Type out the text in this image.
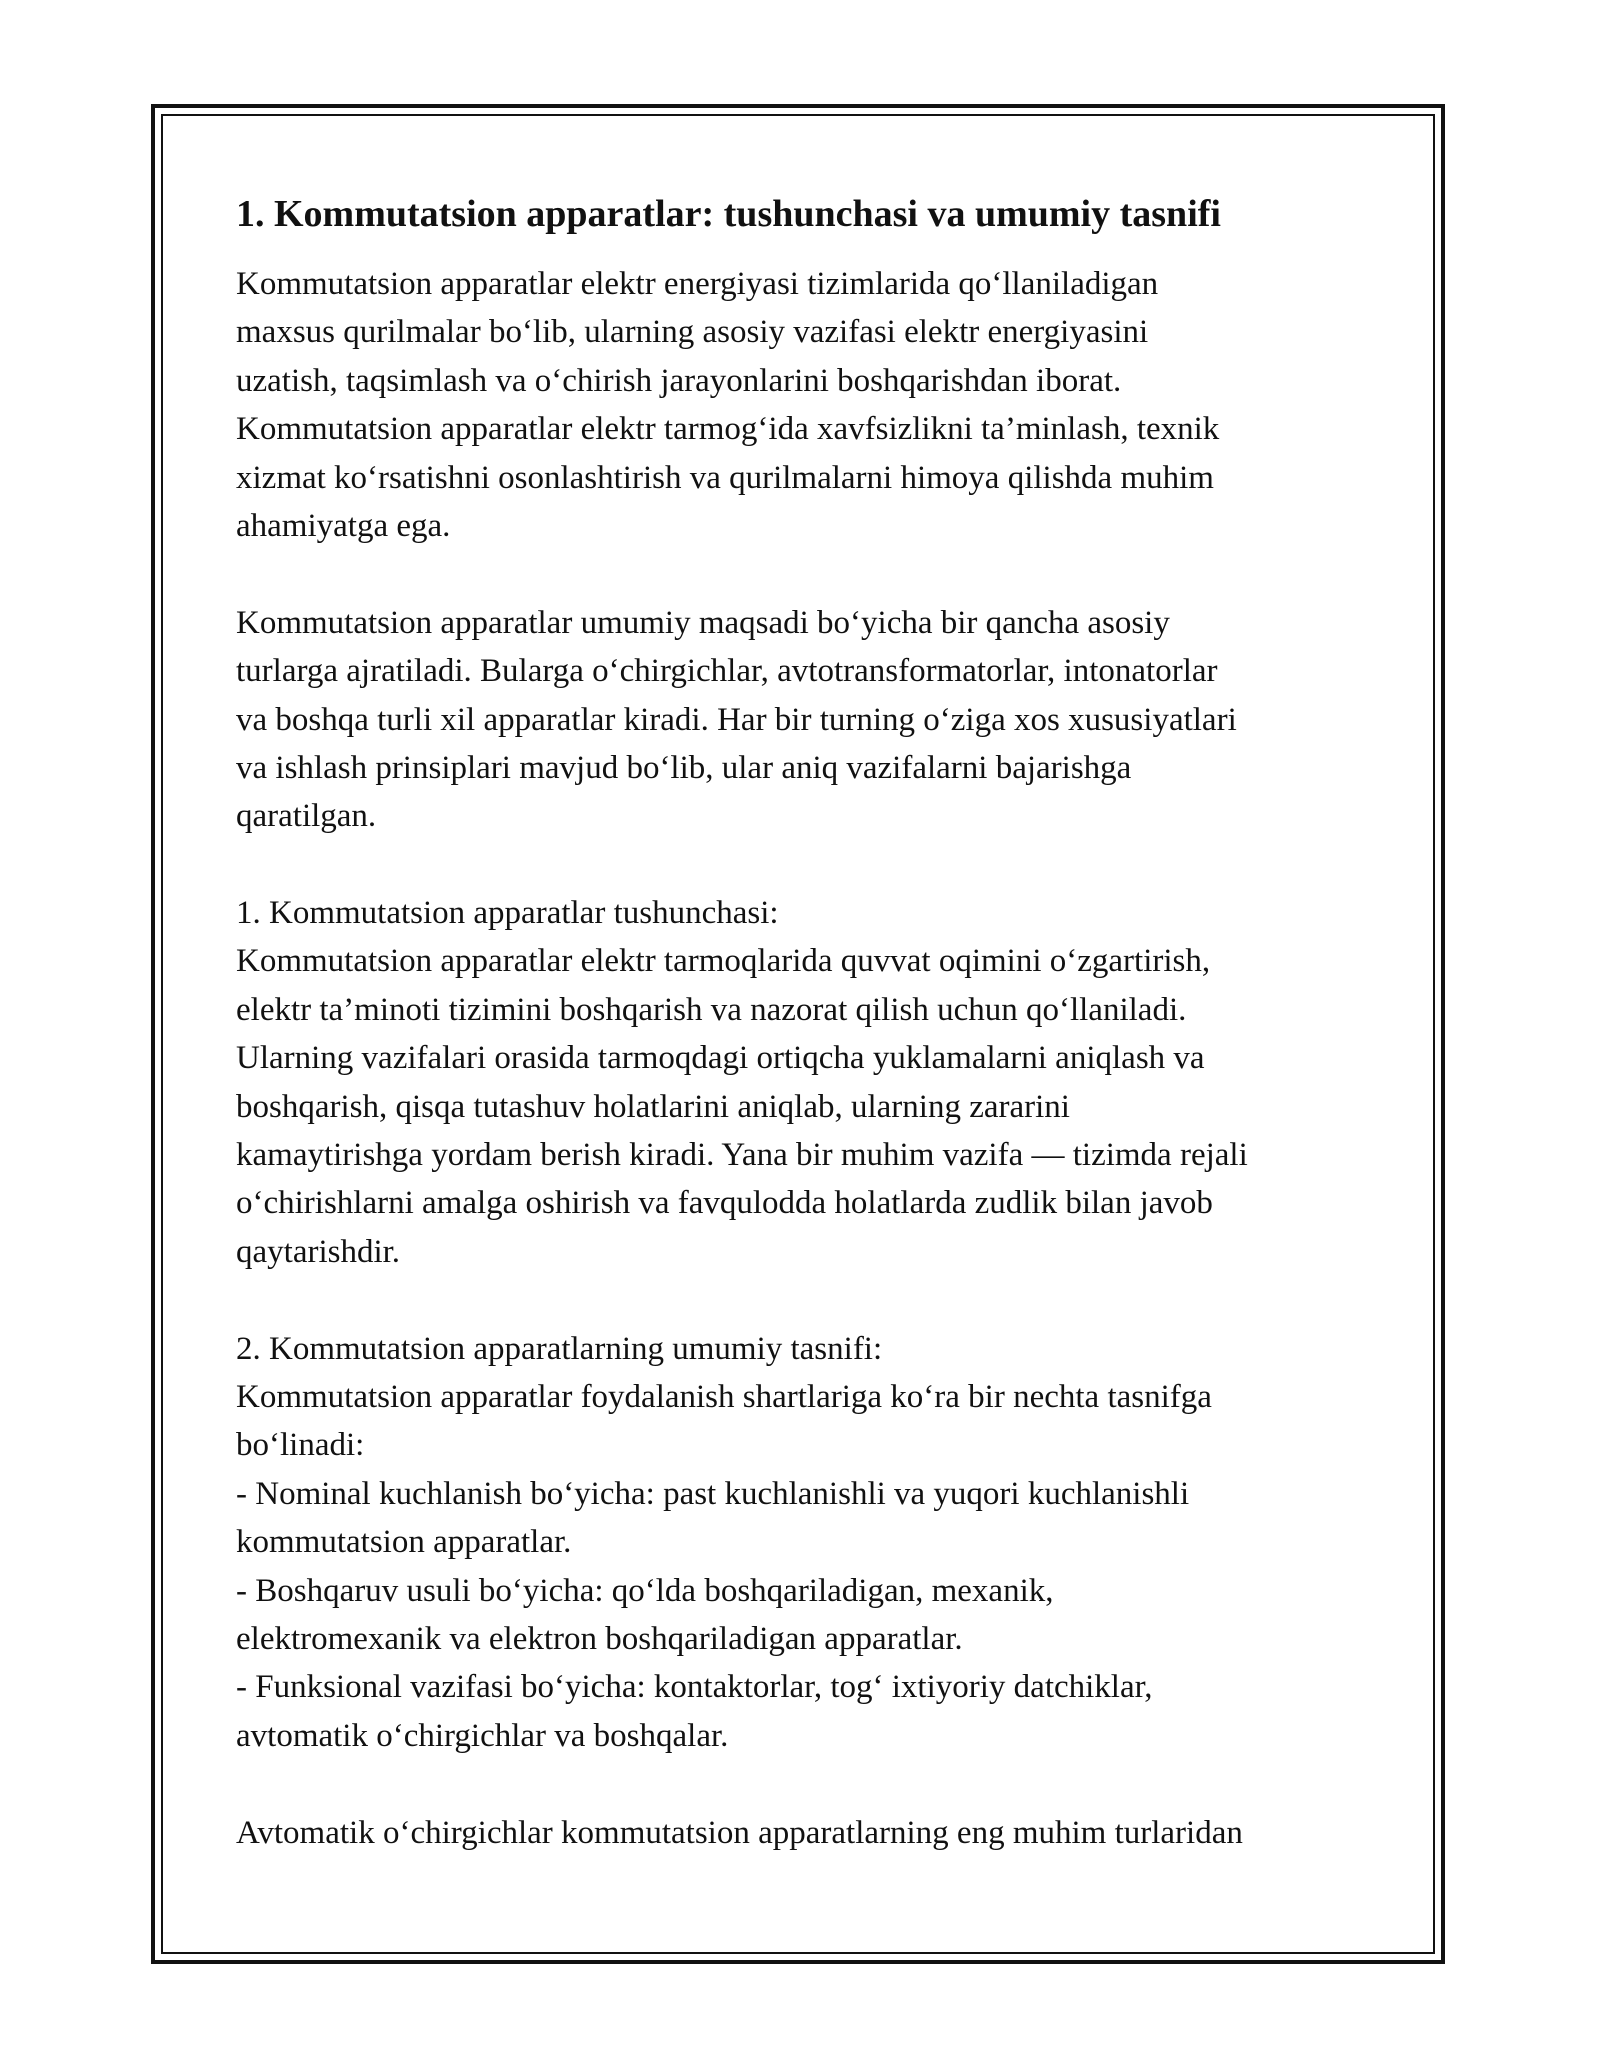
1. Kommutatsion apparatlar: tushunchasi va umumiy tasnifi
Kommutatsion apparatlar elektr energiyasi tizimlarida qo‘llaniladigan
maxsus qurilmalar bo‘lib, ularning asosiy vazifasi elektr energiyasini
uzatish, taqsimlash va o‘chirish jarayonlarini boshqarishdan iborat.
Kommutatsion apparatlar elektr tarmog‘ida xavfsizlikni ta’minlash, texnik
xizmat ko‘rsatishni osonlashtirish va qurilmalarni himoya qilishda muhim
ahamiyatga ega.
Kommutatsion apparatlar umumiy maqsadi bo‘yicha bir qancha asosiy
turlarga ajratiladi. Bularga o‘chirgichlar, avtotransformatorlar, intonatorlar
va boshqa turli xil apparatlar kiradi. Har bir turning o‘ziga xos xususiyatlari
va ishlash prinsiplari mavjud bo‘lib, ular aniq vazifalarni bajarishga
qaratilgan.
1. Kommutatsion apparatlar tushunchasi:
Kommutatsion apparatlar elektr tarmoqlarida quvvat oqimini o‘zgartirish,
elektr ta’minoti tizimini boshqarish va nazorat qilish uchun qo‘llaniladi.
Ularning vazifalari orasida tarmoqdagi ortiqcha yuklamalarni aniqlash va
boshqarish, qisqa tutashuv holatlarini aniqlab, ularning zararini
kamaytirishga yordam berish kiradi. Yana bir muhim vazifa — tizimda rejali
o‘chirishlarni amalga oshirish va favqulodda holatlarda zudlik bilan javob
qaytarishdir.
2. Kommutatsion apparatlarning umumiy tasnifi:
Kommutatsion apparatlar foydalanish shartlariga ko‘ra bir nechta tasnifga
bo‘linadi:
- Nominal kuchlanish bo‘yicha: past kuchlanishli va yuqori kuchlanishli
kommutatsion apparatlar.
- Boshqaruv usuli bo‘yicha: qo‘lda boshqariladigan, mexanik,
elektromexanik va elektron boshqariladigan apparatlar.
- Funksional vazifasi bo‘yicha: kontaktorlar, tog‘ ixtiyoriy datchiklar,
avtomatik o‘chirgichlar va boshqalar.
Avtomatik o‘chirgichlar kommutatsion apparatlarning eng muhim turlaridan
